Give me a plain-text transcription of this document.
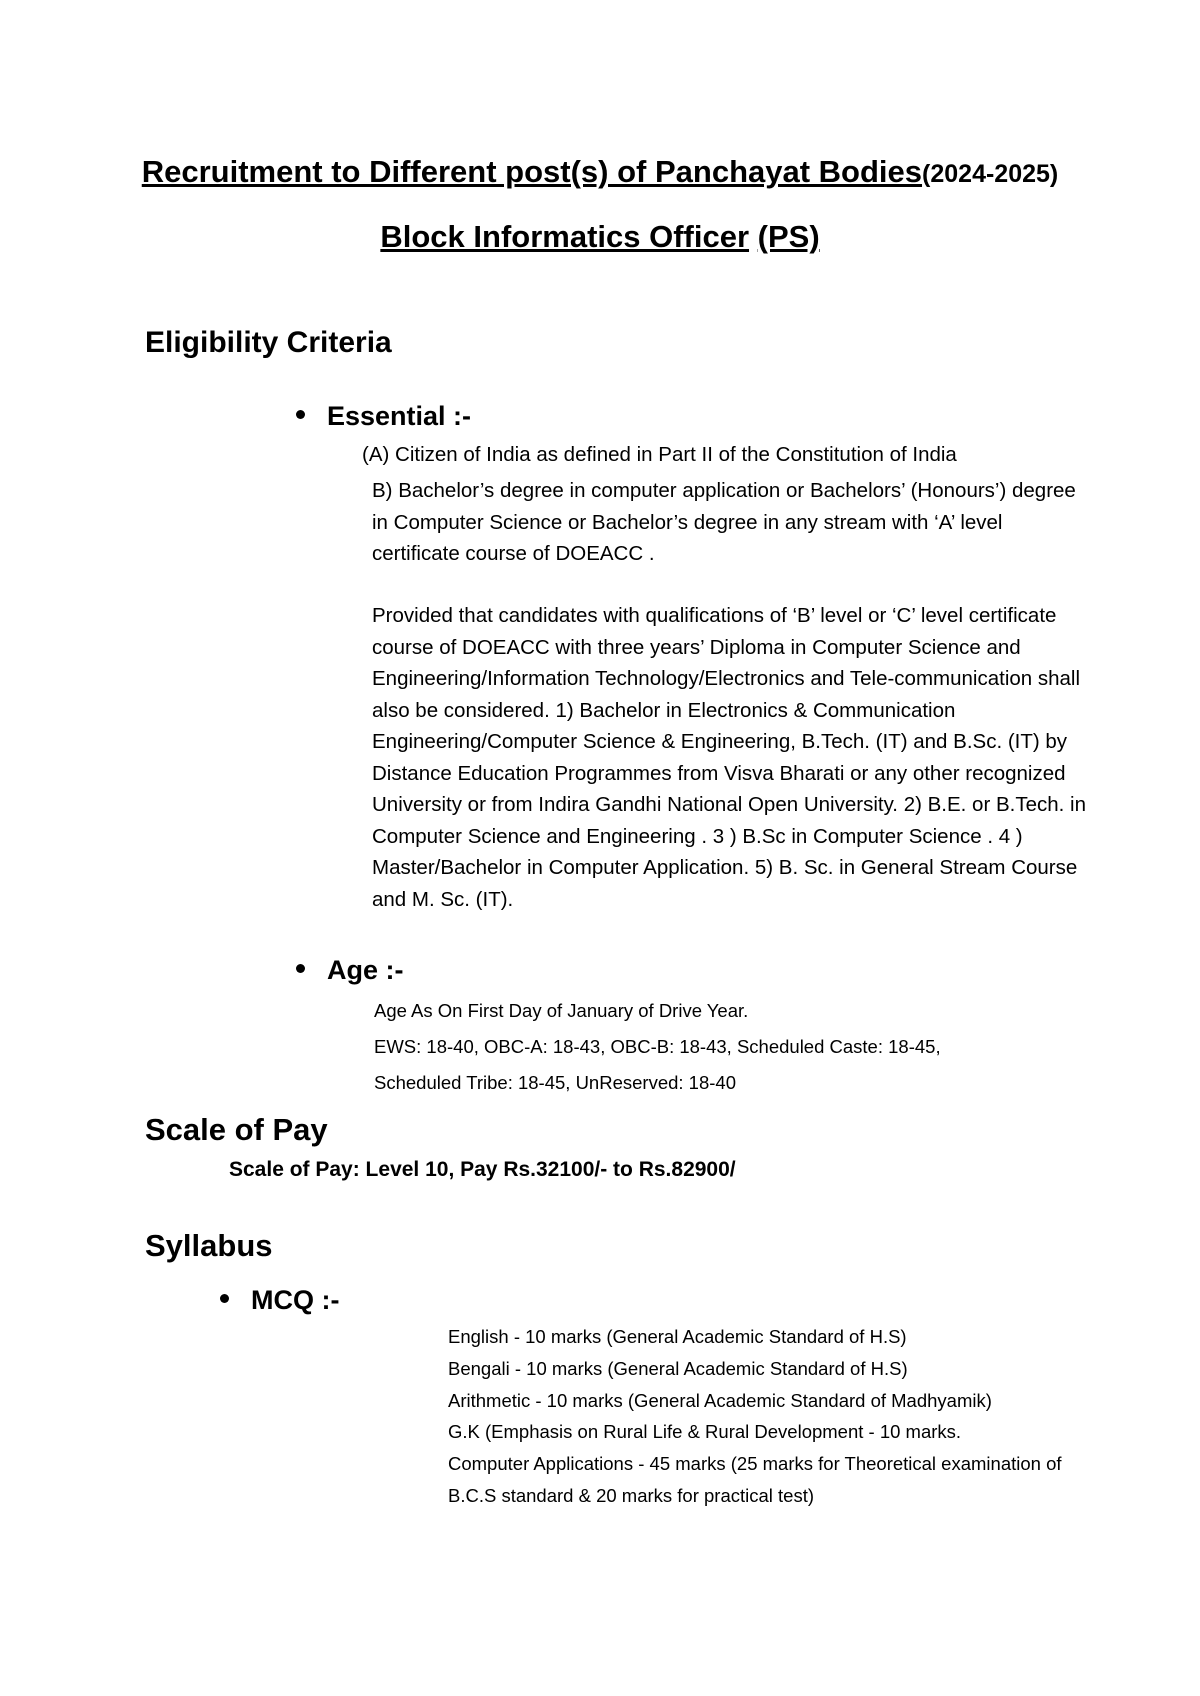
Recruitment to Different post(s) of Panchayat Bodies(2024-2025)
Block Informatics Officer (PS)
Eligibility Criteria
Essential :-
(A) Citizen of India as defined in Part II of the Constitution of India
B) Bachelor’s degree in computer application or Bachelors’ (Honours’) degree in Computer Science or Bachelor’s degree in any stream with ‘A’ level certificate course of DOEACC .
Provided that candidates with qualifications of ‘B’ level or ‘C’ level certificate course of DOEACC with three years’ Diploma in Computer Science and Engineering/Information Technology/Electronics and Tele-communication shall also be considered. 1) Bachelor in Electronics & Communication Engineering/Computer Science & Engineering, B.Tech. (IT) and B.Sc. (IT) by Distance Education Programmes from Visva Bharati or any other recognized University or from Indira Gandhi National Open University. 2) B.E. or B.Tech. in Computer Science and Engineering . 3 ) B.Sc in Computer Science . 4 ) Master/Bachelor in Computer Application. 5) B. Sc. in General Stream Course and M. Sc. (IT).
Age :-
Age As On First Day of January of Drive Year.
EWS: 18-40, OBC-A: 18-43, OBC-B: 18-43, Scheduled Caste: 18-45,
Scheduled Tribe: 18-45, UnReserved: 18-40
Scale of Pay
Scale of Pay: Level 10, Pay Rs.32100/- to Rs.82900/
Syllabus
MCQ :-
English - 10 marks (General Academic Standard of H.S)
Bengali - 10 marks (General Academic Standard of H.S)
Arithmetic - 10 marks (General Academic Standard of Madhyamik)
G.K (Emphasis on Rural Life & Rural Development - 10 marks.
Computer Applications - 45 marks (25 marks for Theoretical examination of
B.C.S standard & 20 marks for practical test)
